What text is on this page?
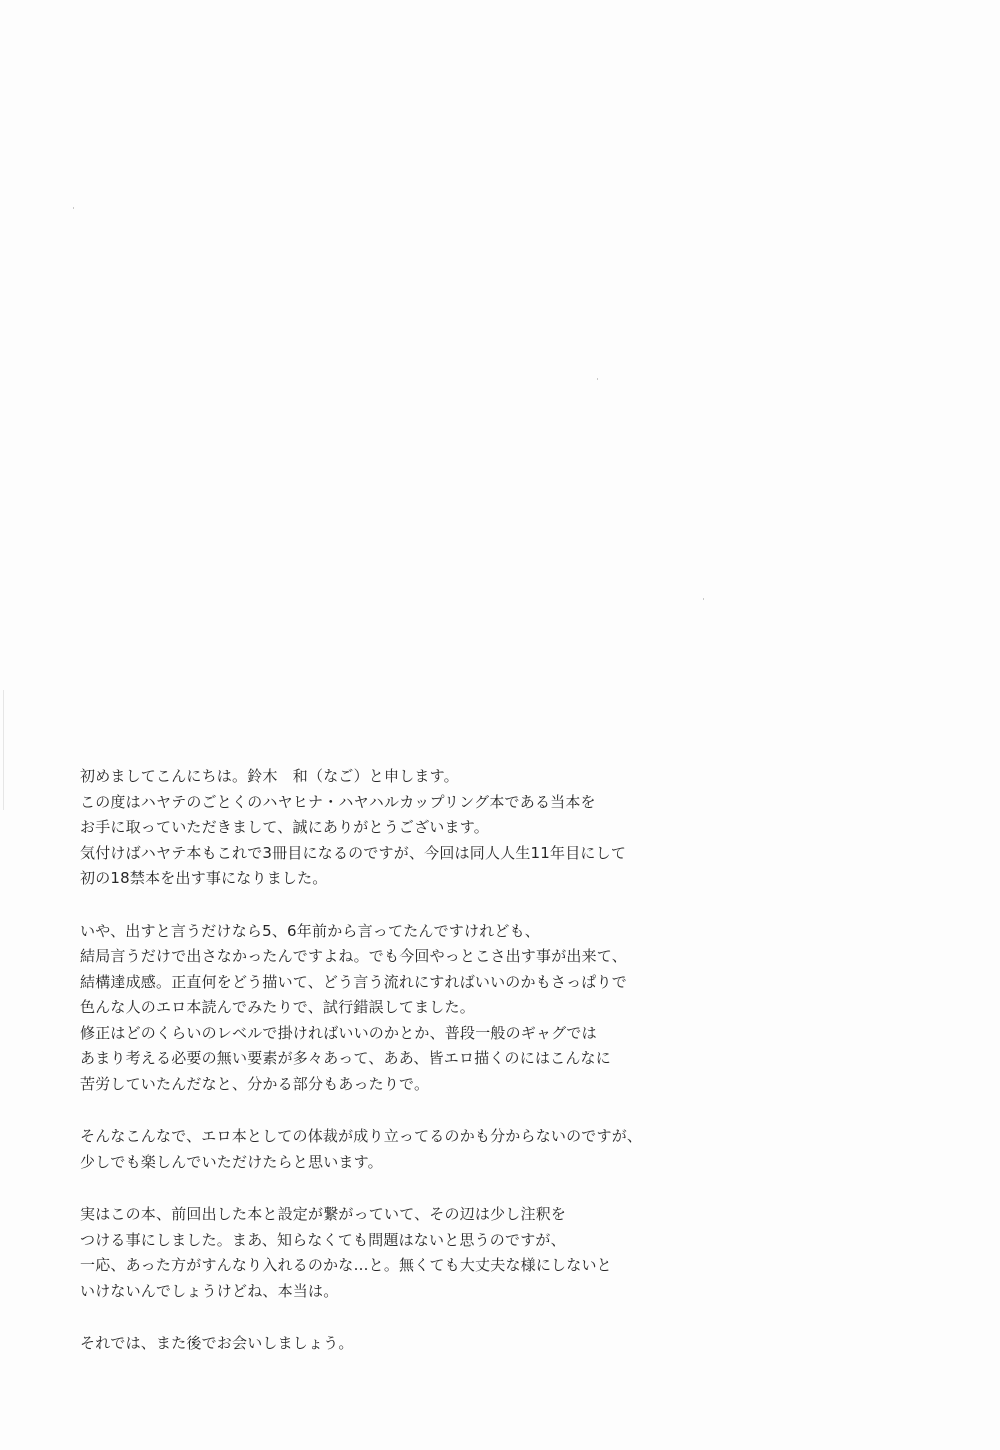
初めましてこんにちは。鈴木　和（なご）と申します。
この度はハヤテのごとくのハヤヒナ・ハヤハルカップリング本である当本を
お手に取っていただきまして、誠にありがとうございます。
気付けばハヤテ本もこれで3冊目になるのですが、今回は同人人生11年目にして
初の18禁本を出す事になりました。

いや、出すと言うだけなら5、6年前から言ってたんですけれども、
結局言うだけで出さなかったんですよね。でも今回やっとこさ出す事が出来て、
結構達成感。正直何をどう描いて、どう言う流れにすればいいのかもさっぱりで
色んな人のエロ本読んでみたりで、試行錯誤してました。
修正はどのくらいのレベルで掛ければいいのかとか、普段一般のギャグでは
あまり考える必要の無い要素が多々あって、ああ、皆エロ描くのにはこんなに
苦労していたんだなと、分かる部分もあったりで。

そんなこんなで、エロ本としての体裁が成り立ってるのかも分からないのですが、
少しでも楽しんでいただけたらと思います。

実はこの本、前回出した本と設定が繋がっていて、その辺は少し注釈を
つける事にしました。まあ、知らなくても問題はないと思うのですが、
一応、あった方がすんなり入れるのかな…と。無くても大丈夫な様にしないと
いけないんでしょうけどね、本当は。

それでは、また後でお会いしましょう。
